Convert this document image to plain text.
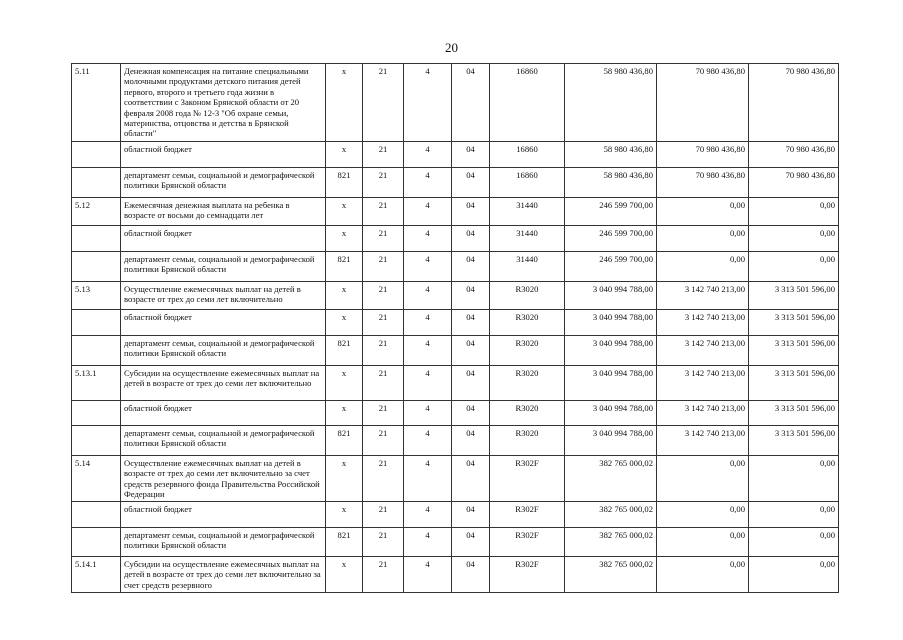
20
5.11	Денежная компенсация на питание специальными молочными продуктами детского питания детей первого, второго и третьего года жизни в соответствии с Законом Брянской области от 20 февраля 2008 года № 12-3 "Об охране семьи, материнства, отцовства и детства в Брянской области"	х	21	4	04	16860	58 980 436,80	70 980 436,80	70 980 436,80
	областной бюджет	х	21	4	04	16860	58 980 436,80	70 980 436,80	70 980 436,80
	департамент семьи, социальной и демографической политики Брянской области	821	21	4	04	16860	58 980 436,80	70 980 436,80	70 980 436,80
5.12	Ежемесячная денежная выплата на ребенка в возрасте от восьми до семнадцати лет	х	21	4	04	31440	246 599 700,00	0,00	0,00
	областной бюджет	х	21	4	04	31440	246 599 700,00	0,00	0,00
	департамент семьи, социальной и демографической политики Брянской области	821	21	4	04	31440	246 599 700,00	0,00	0,00
5.13	Осуществление ежемесячных выплат на детей в возрасте от трех до семи лет включительно	х	21	4	04	R3020	3 040 994 788,00	3 142 740 213,00	3 313 501 596,00
	областной бюджет	х	21	4	04	R3020	3 040 994 788,00	3 142 740 213,00	3 313 501 596,00
	департамент семьи, социальной и демографической политики Брянской области	821	21	4	04	R3020	3 040 994 788,00	3 142 740 213,00	3 313 501 596,00
5.13.1	Субсидии на осуществление ежемесячных выплат на детей в возрасте от трех до семи лет включительно	х	21	4	04	R3020	3 040 994 788,00	3 142 740 213,00	3 313 501 596,00
	областной бюджет	х	21	4	04	R3020	3 040 994 788,00	3 142 740 213,00	3 313 501 596,00
	департамент семьи, социальной и демографической политики Брянской области	821	21	4	04	R3020	3 040 994 788,00	3 142 740 213,00	3 313 501 596,00
5.14	Осуществление ежемесячных выплат на детей в возрасте от трех до семи лет включительно за счет средств резервного фонда Правительства Российской Федерации	х	21	4	04	R302F	382 765 000,02	0,00	0,00
	областной бюджет	х	21	4	04	R302F	382 765 000,02	0,00	0,00
	департамент семьи, социальной и демографической политики Брянской области	821	21	4	04	R302F	382 765 000,02	0,00	0,00
5.14.1	Субсидии на осуществление ежемесячных выплат на детей в возрасте от трех до семи лет включительно за счет средств резервного	х	21	4	04	R302F	382 765 000,02	0,00	0,00
